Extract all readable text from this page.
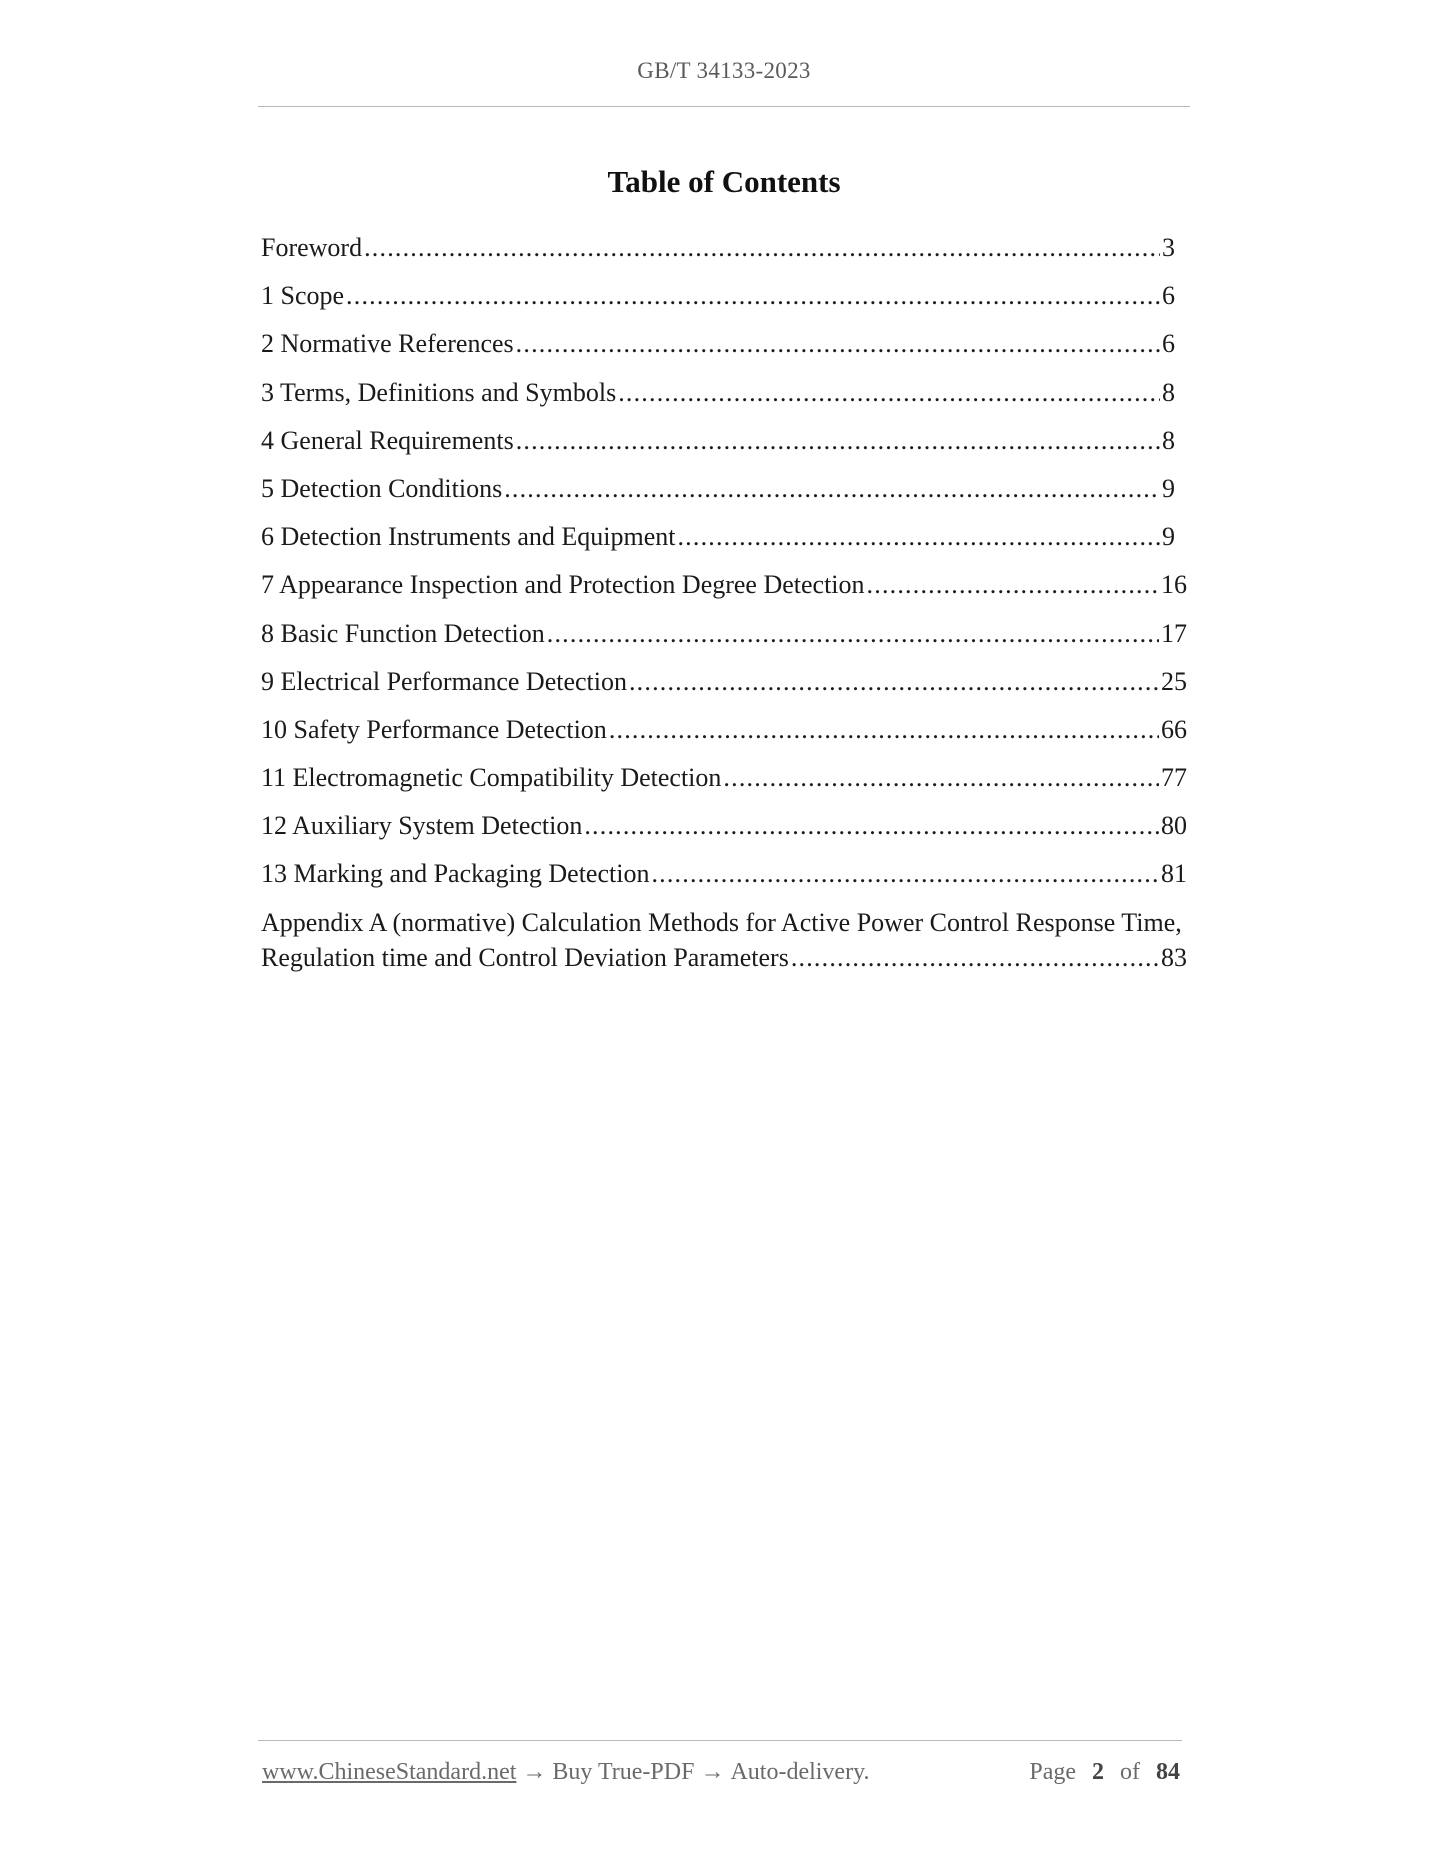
GB/T 34133-2023
Table of Contents
Foreword .....	3
1 Scope .....	6
2 Normative References .....	6
3 Terms, Definitions and Symbols .....	8
4 General Requirements .....	8
5 Detection Conditions .....	9
6 Detection Instruments and Equipment .....	9
7 Appearance Inspection and Protection Degree Detection .....	16
8 Basic Function Detection .....	17
9 Electrical Performance Detection .....	25
10 Safety Performance Detection .....	66
11 Electromagnetic Compatibility Detection .....	77
12 Auxiliary System Detection .....	80
13 Marking and Packaging Detection .....	81
Appendix A (normative) Calculation Methods for Active Power Control Response Time,
Regulation time and Control Deviation Parameters .....	83
www.ChineseStandard.net → Buy True-PDF → Auto-delivery.	Page 2 of 84
